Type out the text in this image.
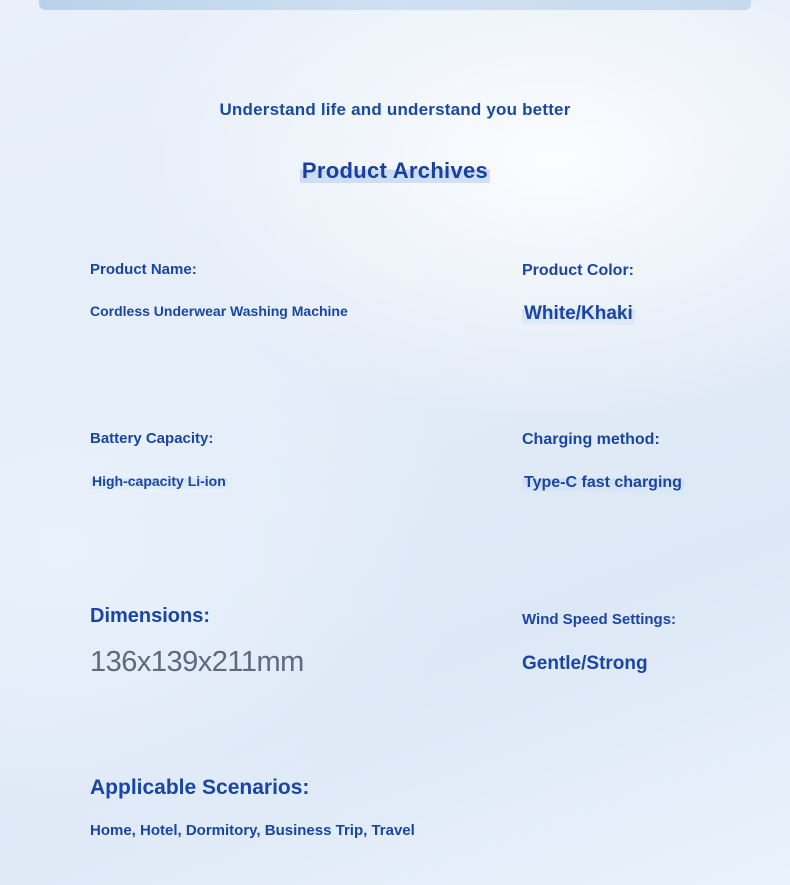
Understand life and understand you better
Product Archives
Product Name:
Cordless Underwear Washing Machine
Product Color:
White/Khaki
Battery Capacity:
High-capacity Li-ion
Charging method:
Type-C fast charging
Dimensions:
136x139x211mm
Wind Speed Settings:
Gentle/Strong
Applicable Scenarios:
Home, Hotel, Dormitory, Business Trip, Travel
